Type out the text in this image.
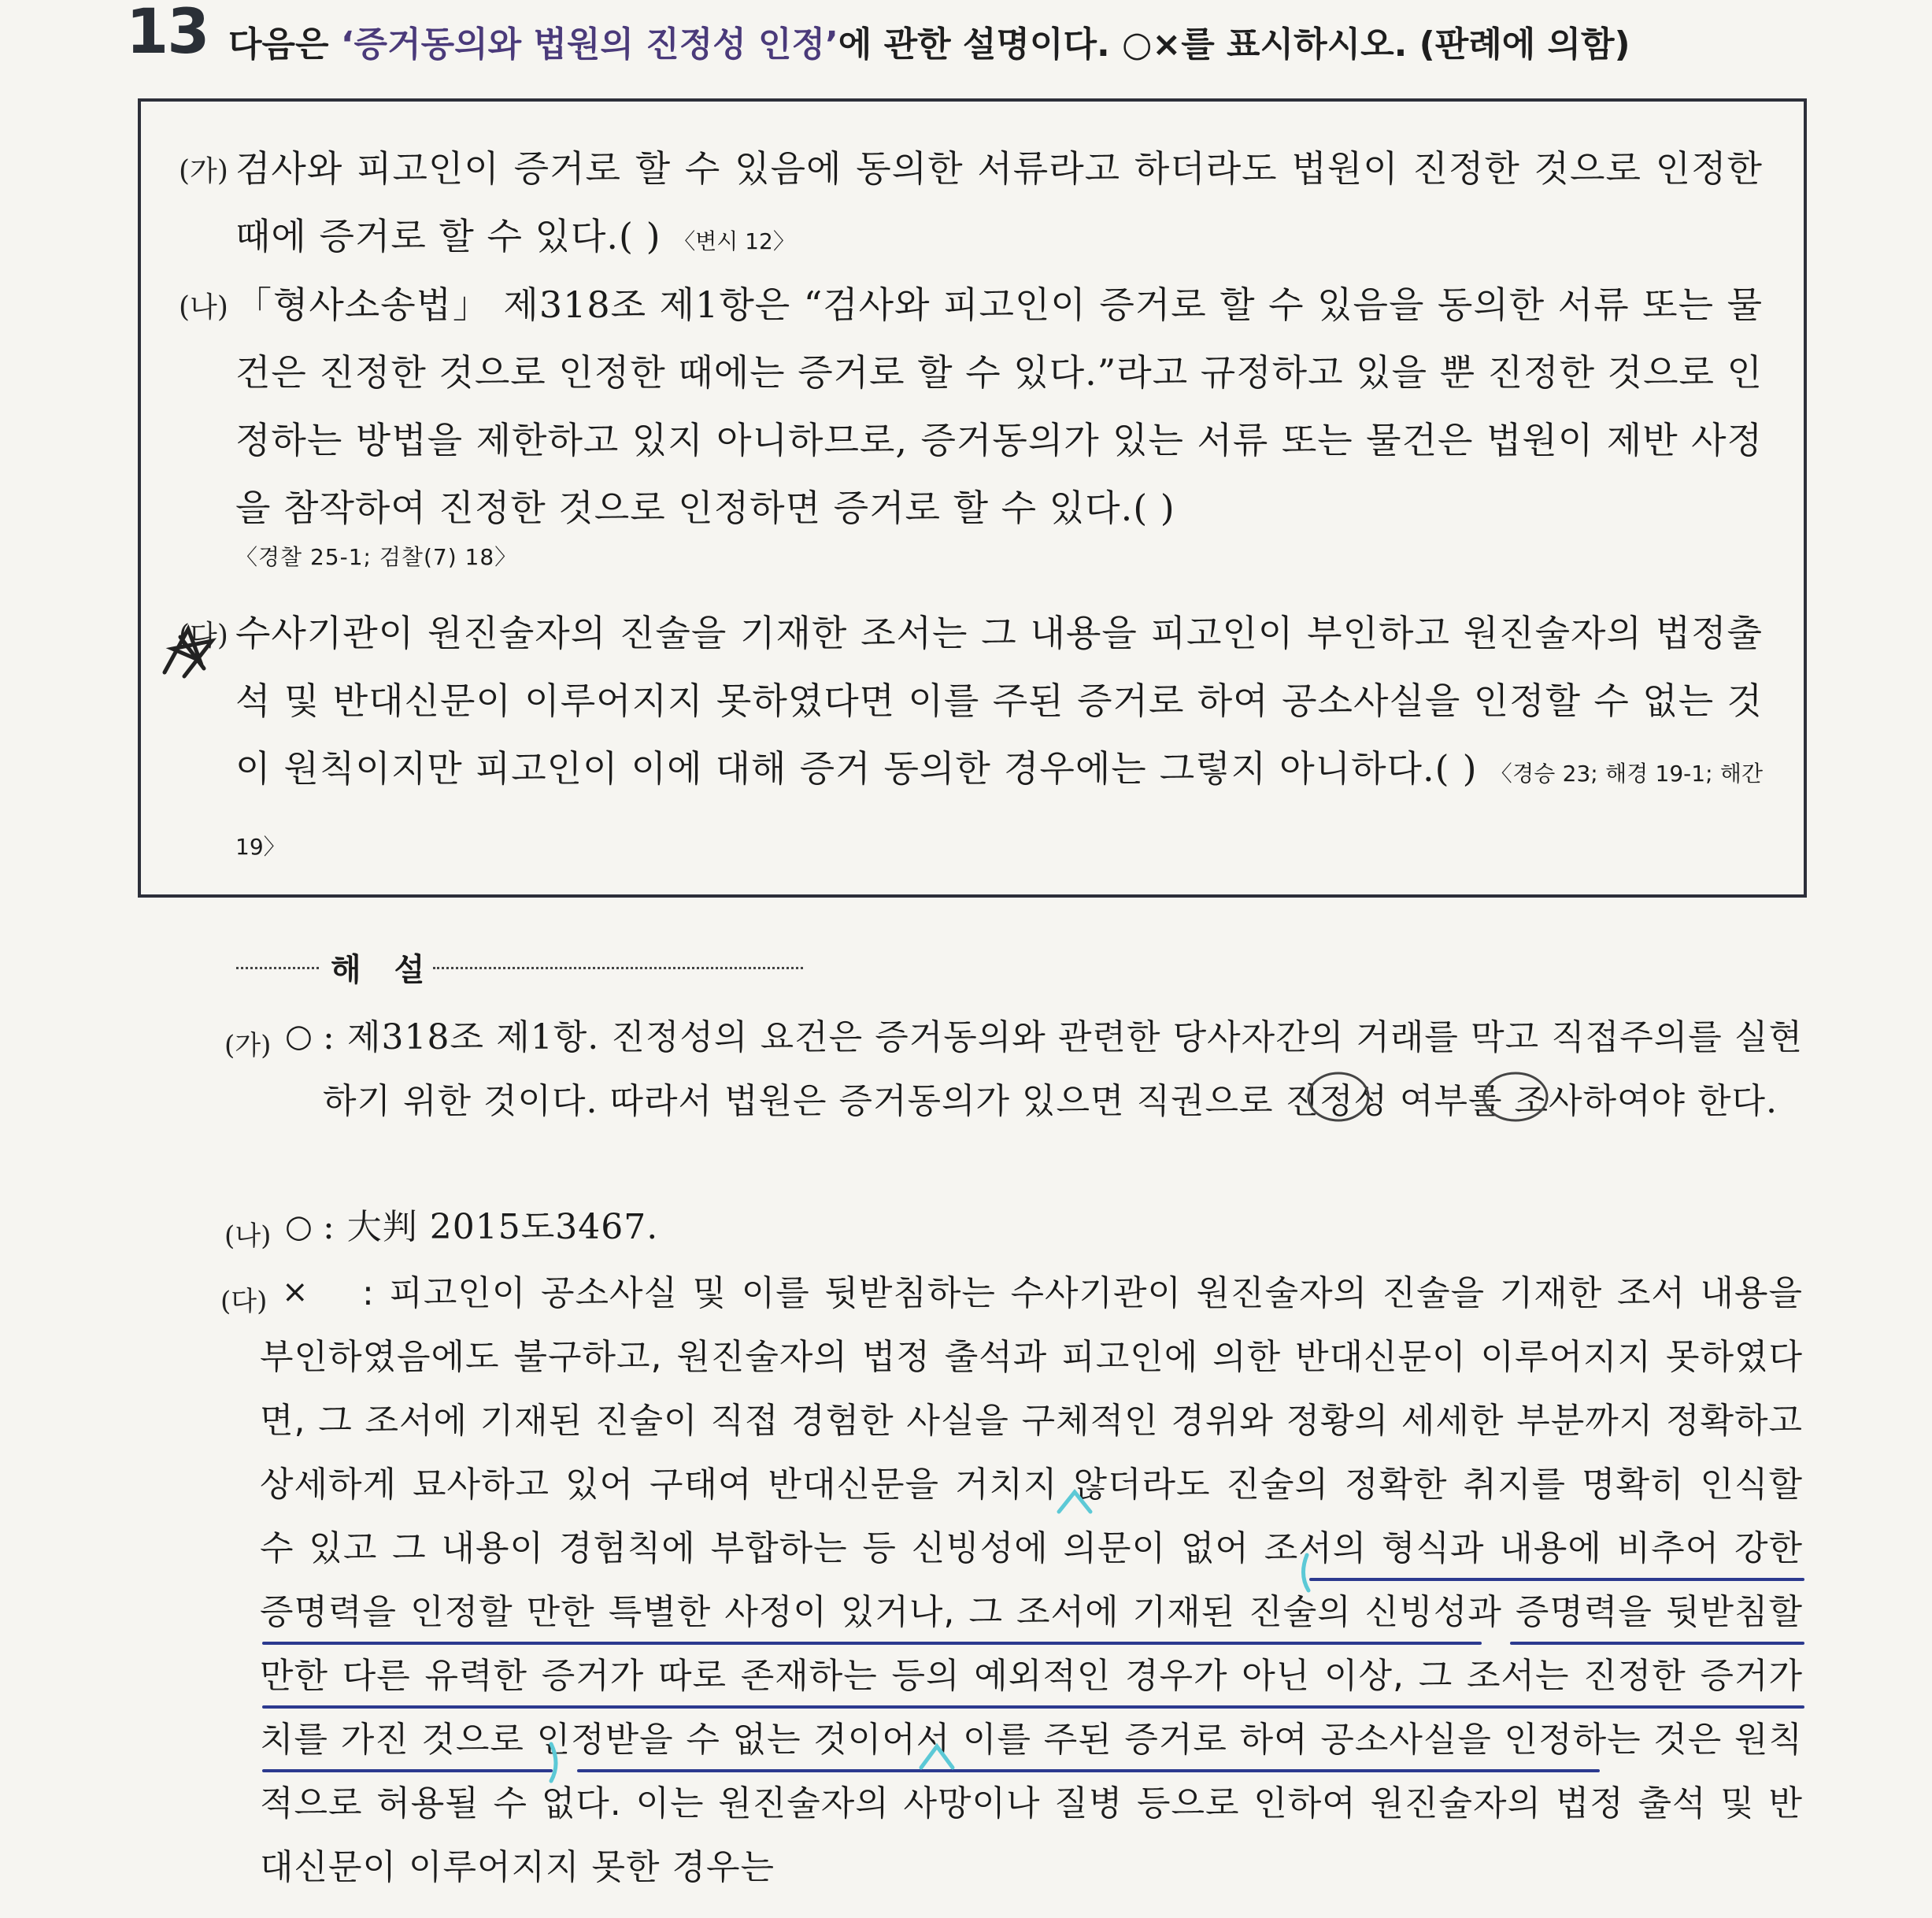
13 다음은 ‘증거동의와 법원의 진정성 인정’에 관한 설명이다. ○×를 표시하시오. (판례에 의함)
(가) 검사와 피고인이 증거로 할 수 있음에 동의한 서류라고 하더라도 법원이 진정한 것으로 인정한 때에 증거로 할 수 있다.( ) 〈변시 12〉
(나) 「형사소송법」 제318조 제1항은 “검사와 피고인이 증거로 할 수 있음을 동의한 서류 또는 물건은 진정한 것으로 인정한 때에는 증거로 할 수 있다.”라고 규정하고 있을 뿐 진정한 것으로 인정하는 방법을 제한하고 있지 아니하므로, 증거동의가 있는 서류 또는 물건은 법원이 제반 사정을 참작하여 진정한 것으로 인정하면 증거로 할 수 있다.( )
〈경찰 25-1; 검찰(7) 18〉
(다) 수사기관이 원진술자의 진술을 기재한 조서는 그 내용을 피고인이 부인하고 원진술자의 법정출석 및 반대신문이 이루어지지 못하였다면 이를 주된 증거로 하여 공소사실을 인정할 수 없는 것이 원칙이지만 피고인이 이에 대해 증거 동의한 경우에는 그렇지 아니하다.( ) 〈경승 23; 해경 19-1; 해간 19〉
해 설
(가) ○ : 제318조 제1항. 진정성의 요건은 증거동의와 관련한 당사자간의 거래를 막고 직접주의를 실현하기 위한 것이다. 따라서 법원은 증거동의가 있으면 직권으로 진정성 여부를 조사하여야 한다.
(나) ○ : 大判 2015도3467.
(다) ×	: 피고인이 공소사실 및 이를 뒷받침하는 수사기관이 원진술자의 진술을 기재한 조서 내용을 부인하였음에도 불구하고, 원진술자의 법정 출석과 피고인에 의한 반대신문이 이루어지지 못하였다면, 그 조서에 기재된 진술이 직접 경험한 사실을 구체적인 경위와 정황의 세세한 부분까지 정확하고 상세하게 묘사하고 있어 구태여 반대신문을 거치지 않더라도 진술의 정확한 취지를 명확히 인식할 수 있고 그 내용이 경험칙에 부합하는 등 신빙성에 의문이 없어 조서의 형식과 내용에 비추어 강한 증명력을 인정할 만한 특별한 사정이 있거나, 그 조서에 기재된 진술의 신빙성과 증명력을 뒷받침할 만한 다른 유력한 증거가 따로 존재하는 등의 예외적인 경우가 아닌 이상, 그 조서는 진정한 증거가치를 가진 것으로 인정받을 수 없는 것이어서 이를 주된 증거로 하여 공소사실을 인정하는 것은 원칙적으로 허용될 수 없다. 이는 원진술자의 사망이나 질병 등으로 인하여 원진술자의 법정 출석 및 반대신문이 이루어지지 못한 경우는
